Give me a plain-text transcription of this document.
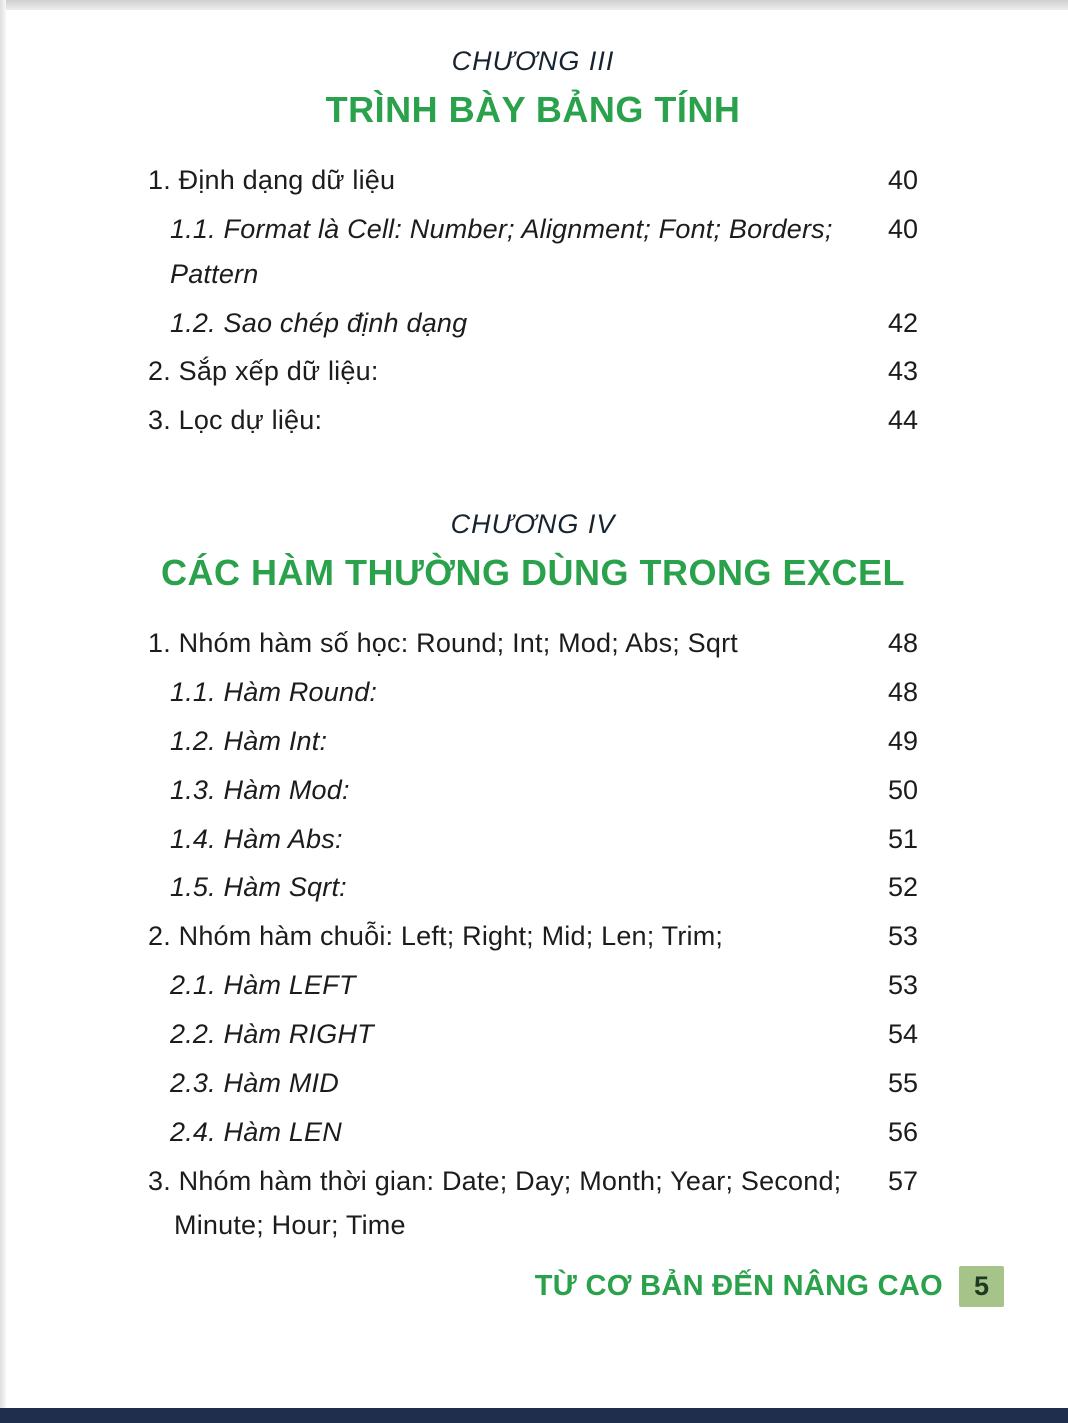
CHƯƠNG III
TRÌNH BÀY BẢNG TÍNH
1. Định dạng dữ liệu	40
1.1. Format là Cell: Number; Alignment; Font; Borders;	40
Pattern
1.2. Sao chép định dạng	42
2. Sắp xếp dữ liệu:	43
3. Lọc dự liệu:	44
CHƯƠNG IV
CÁC HÀM THƯỜNG DÙNG TRONG EXCEL
1. Nhóm hàm số học: Round; Int; Mod; Abs; Sqrt	48
1.1. Hàm Round:	48
1.2. Hàm Int:	49
1.3. Hàm Mod:	50
1.4. Hàm Abs:	51
1.5. Hàm Sqrt:	52
2. Nhóm hàm chuỗi: Left; Right; Mid; Len; Trim;	53
2.1. Hàm LEFT	53
2.2. Hàm RIGHT	54
2.3. Hàm MID	55
2.4. Hàm LEN	56
3. Nhóm hàm thời gian: Date; Day; Month; Year; Second;	57
Minute; Hour; Time
TỪ CƠ BẢN ĐẾN NÂNG CAO	5
